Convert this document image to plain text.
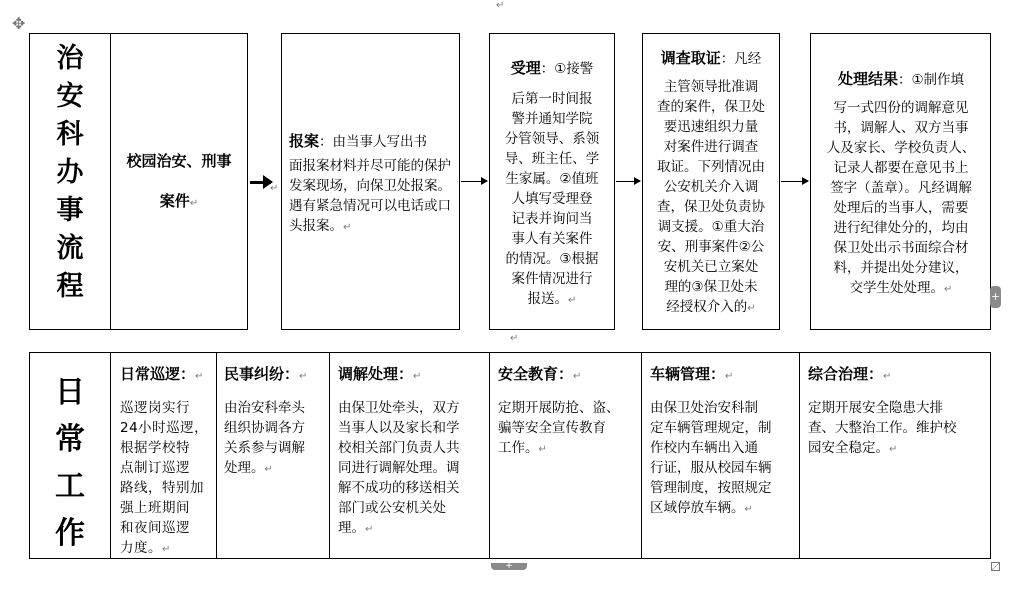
✥
↵
治
安
科
办
事
流
程
校园治安、刑事
案件↵
↵
报案：由当事人写出书
面报案材料并尽可能的保护发案现场，向保卫处报案。遇有紧急情况可以电话或口头报案。↵
受理：①接警
后第一时间报
警并通知学院
分管领导、系领
导、班主任、学
生家属。②值班
人填写受理登
记表并询问当
事人有关案件
的情况。③根据
案件情况进行
报送。↵
调查取证：凡经
主管领导批准调
查的案件，保卫处
要迅速组织力量
对案件进行调查
取证。下列情况由
公安机关介入调
查，保卫处负责协
调支援。①重大治
安、刑事案件②公
安机关已立案处
理的③保卫处未
经授权介入的↵
处理结果：①制作填
写一式四份的调解意见
书，调解人、双方当事
人及家长、学校负责人、
记录人都要在意见书上
签字（盖章）。凡经调解
处理后的当事人，需要
进行纪律处分的，均由
保卫处出示书面综合材
料，并提出处分建议，
交学生处处理。↵
+
↵
日
常
工
作
日常巡逻：↵
巡逻岗实行
24小时巡逻，
根据学校特
点制订巡逻
路线，特别加
强上班期间
和夜间巡逻
力度。↵
民事纠纷：↵
由治安科牵头
组织协调各方
关系参与调解
处理。↵
调解处理：↵
由保卫处牵头，双方
当事人以及家长和学
校相关部门负责人共
同进行调解处理。调
解不成功的移送相关
部门或公安机关处
理。↵
安全教育：↵
定期开展防抢、盗、
骗等安全宣传教育
工作。↵
车辆管理：↵
由保卫处治安科制
定车辆管理规定，制
作校内车辆出入通
行证，服从校园车辆
管理制度，按照规定
区域停放车辆。↵
综合治理：↵
定期开展安全隐患大排
查、大整治工作。维护校
园安全稳定。↵
+
